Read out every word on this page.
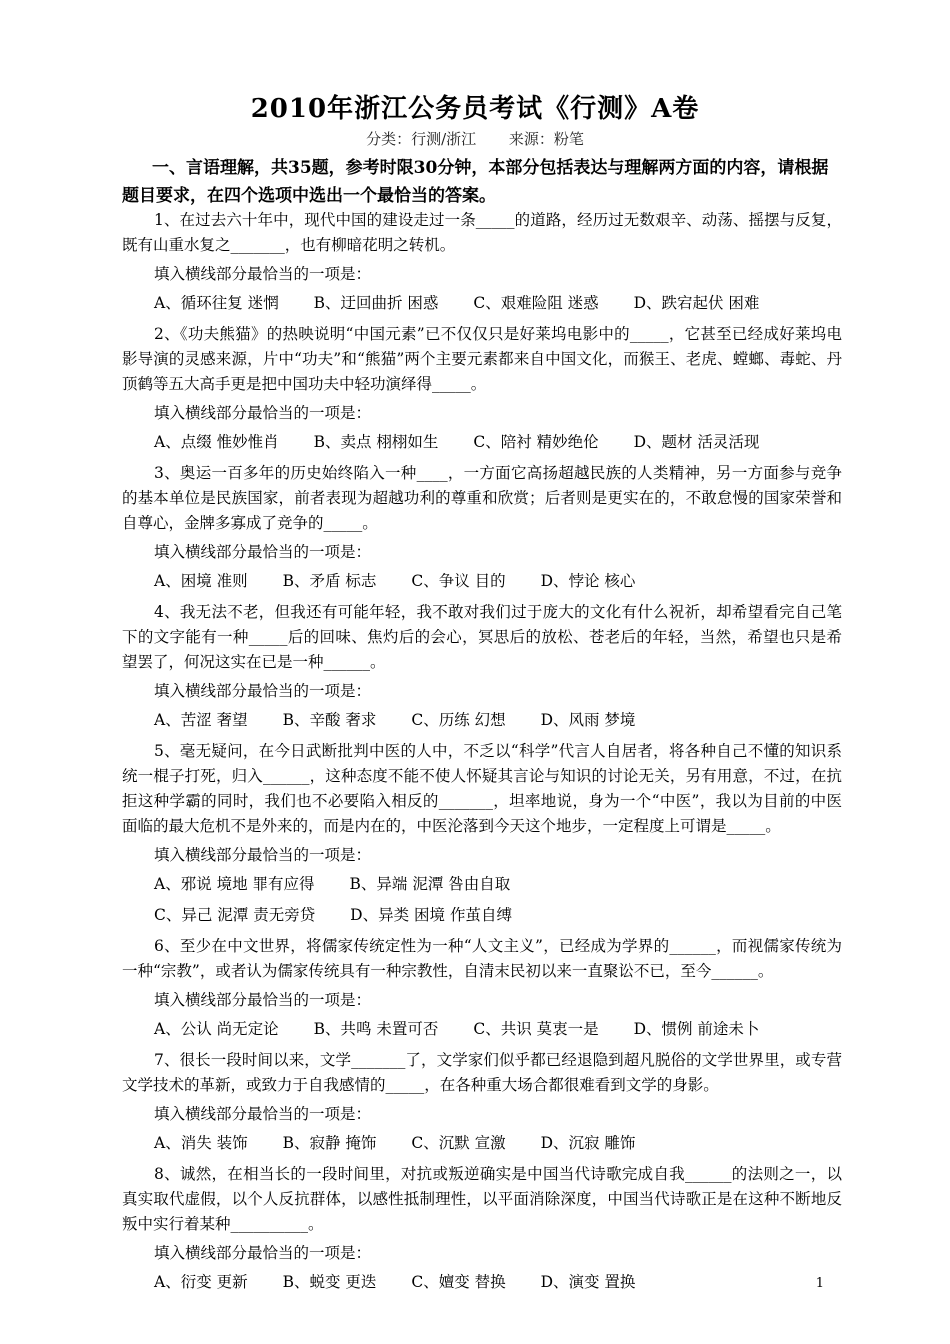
2010年浙江公务员考试《行测》A卷
分类：行测/浙江 来源：粉笔
一、言语理解，共35题，参考时限30分钟，本部分包括表达与理解两方面的内容，请根据题目要求，在四个选项中选出一个最恰当的答案。

1、在过去六十年中，现代中国的建设走过一条_____的道路，经历过无数艰辛、动荡、摇摆与反复，既有山重水复之_______，也有柳暗花明之转机。

填入横线部分最恰当的一项是：

A、循环往复 迷惘 B、迂回曲折 困惑 C、艰难险阻 迷惑 D、跌宕起伏 困难

2、《功夫熊猫》的热映说明“中国元素”已不仅仅只是好莱坞电影中的_____，它甚至已经成好莱坞电影导演的灵感来源，片中“功夫”和“熊猫”两个主要元素都来自中国文化，而猴王、老虎、螳螂、毒蛇、丹顶鹤等五大高手更是把中国功夫中轻功演绎得_____。

填入横线部分最恰当的一项是：

A、点缀 惟妙惟肖 B、卖点 栩栩如生 C、陪衬 精妙绝伦 D、题材 活灵活现

3、奥运一百多年的历史始终陷入一种____，一方面它高扬超越民族的人类精神，另一方面参与竞争的基本单位是民族国家，前者表现为超越功利的尊重和欣赏；后者则是更实在的，不敢怠慢的国家荣誉和自尊心，金牌多寡成了竞争的_____。

填入横线部分最恰当的一项是：

A、困境 准则 B、矛盾 标志 C、争议 目的 D、悖论 核心

4、我无法不老，但我还有可能年轻，我不敢对我们过于庞大的文化有什么祝祈，却希望看完自己笔下的文字能有一种_____后的回味、焦灼后的会心，冥思后的放松、苍老后的年轻，当然，希望也只是希望罢了，何况这实在已是一种______。

填入横线部分最恰当的一项是：

A、苦涩 奢望 B、辛酸 奢求 C、历练 幻想 D、风雨 梦境

5、毫无疑问，在今日武断批判中医的人中，不乏以“科学”代言人自居者，将各种自己不懂的知识系统一棍子打死，归入______，这种态度不能不使人怀疑其言论与知识的讨论无关，另有用意，不过，在抗拒这种学霸的同时，我们也不必要陷入相反的_______，坦率地说，身为一个“中医”，我以为目前的中医面临的最大危机不是外来的，而是内在的，中医沦落到今天这个地步，一定程度上可谓是_____。

填入横线部分最恰当的一项是：

A、邪说 境地 罪有应得 B、异端 泥潭 咎由自取

C、异己 泥潭 责无旁贷 D、异类 困境 作茧自缚

6、至少在中文世界，将儒家传统定性为一种“人文主义”，已经成为学界的______，而视儒家传统为一种“宗教”，或者认为儒家传统具有一种宗教性，自清末民初以来一直聚讼不已，至今______。

填入横线部分最恰当的一项是：

A、公认 尚无定论 B、共鸣 未置可否 C、共识 莫衷一是 D、惯例 前途未卜

7、很长一段时间以来，文学_______了，文学家们似乎都已经退隐到超凡脱俗的文学世界里，或专营文学技术的革新，或致力于自我感情的_____，在各种重大场合都很难看到文学的身影。

填入横线部分最恰当的一项是：

A、消失 装饰 B、寂静 掩饰 C、沉默 宣激 D、沉寂 雕饰

8、诚然，在相当长的一段时间里，对抗或叛逆确实是中国当代诗歌完成自我______的法则之一，以真实取代虚假，以个人反抗群体，以感性抵制理性，以平面消除深度，中国当代诗歌正是在这种不断地反叛中实行着某种__________。

填入横线部分最恰当的一项是：

A、衍变 更新 B、蜕变 更迭 C、嬗变 替换 D、演变 置换	1
